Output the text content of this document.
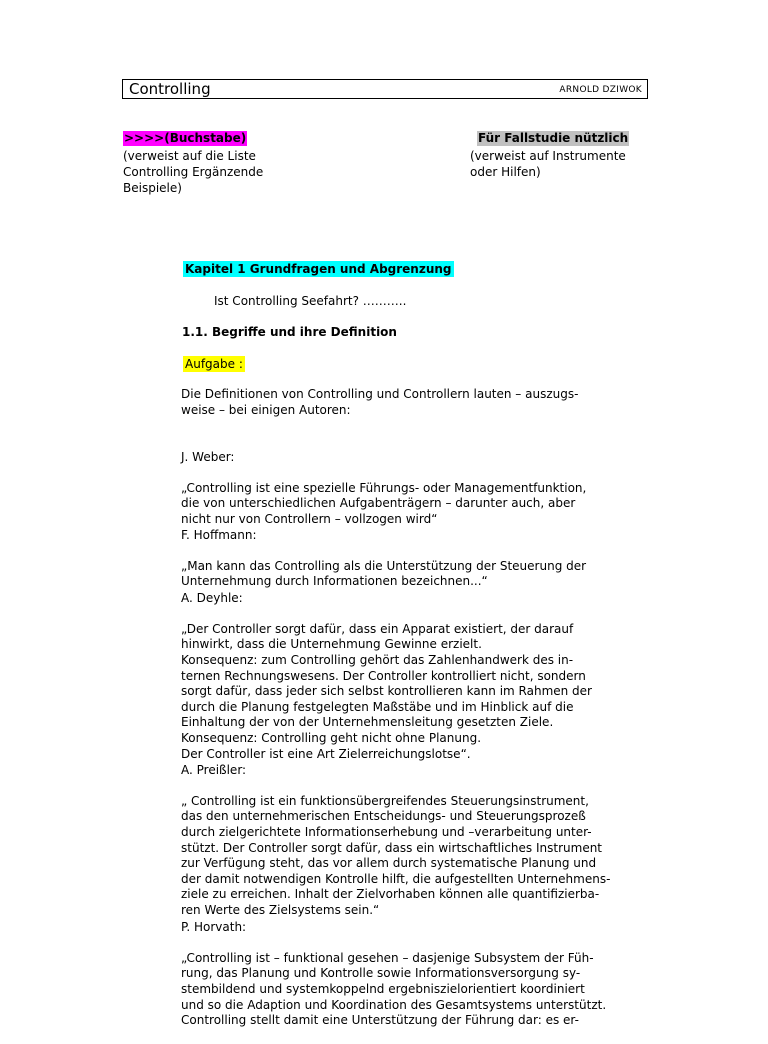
Controlling	ARNOLD DZIWOK
>>>>(Buchstabe)
(verweist auf die Liste
Controlling Ergänzende
Beispiele)
Für Fallstudie nützlich
(verweist auf Instrumente
oder Hilfen)
Kapitel 1 Grundfragen und Abgrenzung
Ist Controlling Seefahrt? ………..
1.1. Begriffe und ihre Definition
Aufgabe :
Die Definitionen von Controlling und Controllern lauten – auszugs-
weise – bei einigen Autoren:

J. Weber:

„Controlling ist eine spezielle Führungs- oder Managementfunktion,
die von unterschiedlichen Aufgabenträgern – darunter auch, aber
nicht nur von Controllern – vollzogen wird“

F. Hoffmann:

„Man kann das Controlling als die Unterstützung der Steuerung der
Unternehmung durch Informationen bezeichnen...“

A. Deyhle:

„Der Controller sorgt dafür, dass ein Apparat existiert, der darauf
hinwirkt, dass die Unternehmung Gewinne erzielt.
Konsequenz: zum Controlling gehört das Zahlenhandwerk des in-
ternen Rechnungswesens. Der Controller kontrolliert nicht, sondern
sorgt dafür, dass jeder sich selbst kontrollieren kann im Rahmen der
durch die Planung festgelegten Maßstäbe und im Hinblick auf die
Einhaltung der von der Unternehmensleitung gesetzten Ziele.
Konsequenz: Controlling geht nicht ohne Planung.
Der Controller ist eine Art Zielerreichungslotse“.

A. Preißler:

„ Controlling ist ein funktionsübergreifendes Steuerungsinstrument,
das den unternehmerischen Entscheidungs- und Steuerungsprozeß
durch zielgerichtete Informationserhebung und –verarbeitung unter-
stützt. Der Controller sorgt dafür, dass ein wirtschaftliches Instrument
zur Verfügung steht, das vor allem durch systematische Planung und
der damit notwendigen Kontrolle hilft, die aufgestellten Unternehmens-
ziele zu erreichen. Inhalt der Zielvorhaben können alle quantifizierba-
ren Werte des Zielsystems sein.“

P. Horvath:

„Controlling ist – funktional gesehen – dasjenige Subsystem der Füh-
rung, das Planung und Kontrolle sowie Informationsversorgung sy-
stembildend und systemkoppelnd ergebniszielorientiert koordiniert
und so die Adaption und Koordination des Gesamtsystems unterstützt.
Controlling stellt damit eine Unterstützung der Führung dar: es er-
